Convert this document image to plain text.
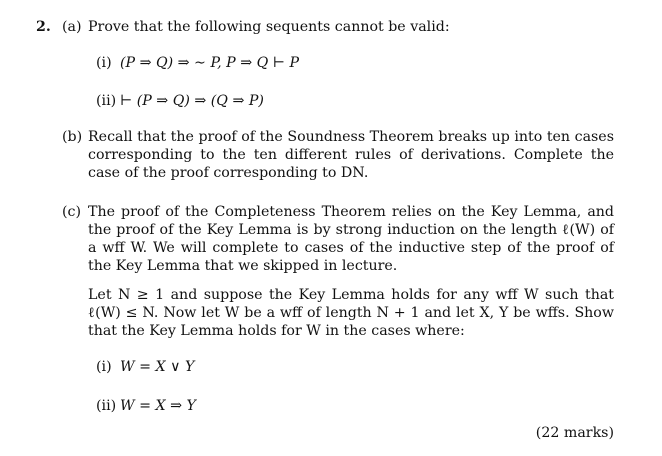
2. (a) Prove that the following sequents cannot be valid:
(i) (P ⇒ Q) ⇒ ∼ P, P ⇒ Q ⊢ P
(ii) ⊢ (P ⇒ Q) ⇒ (Q ⇒ P)
(b) Recall that the proof of the Soundness Theorem breaks up into ten cases corresponding to the ten different rules of derivations. Complete the case of the proof corresponding to DN.
(c) The proof of the Completeness Theorem relies on the Key Lemma, and the proof of the Key Lemma is by strong induction on the length ℓ(W) of a wff W. We will complete to cases of the inductive step of the proof of the Key Lemma that we skipped in lecture.
Let N ≥ 1 and suppose the Key Lemma holds for any wff W such that ℓ(W) ≤ N. Now let W be a wff of length N + 1 and let X, Y be wffs. Show that the Key Lemma holds for W in the cases where:
(i) W = X ∨ Y
(ii) W = X ⇒ Y
(22 marks)
